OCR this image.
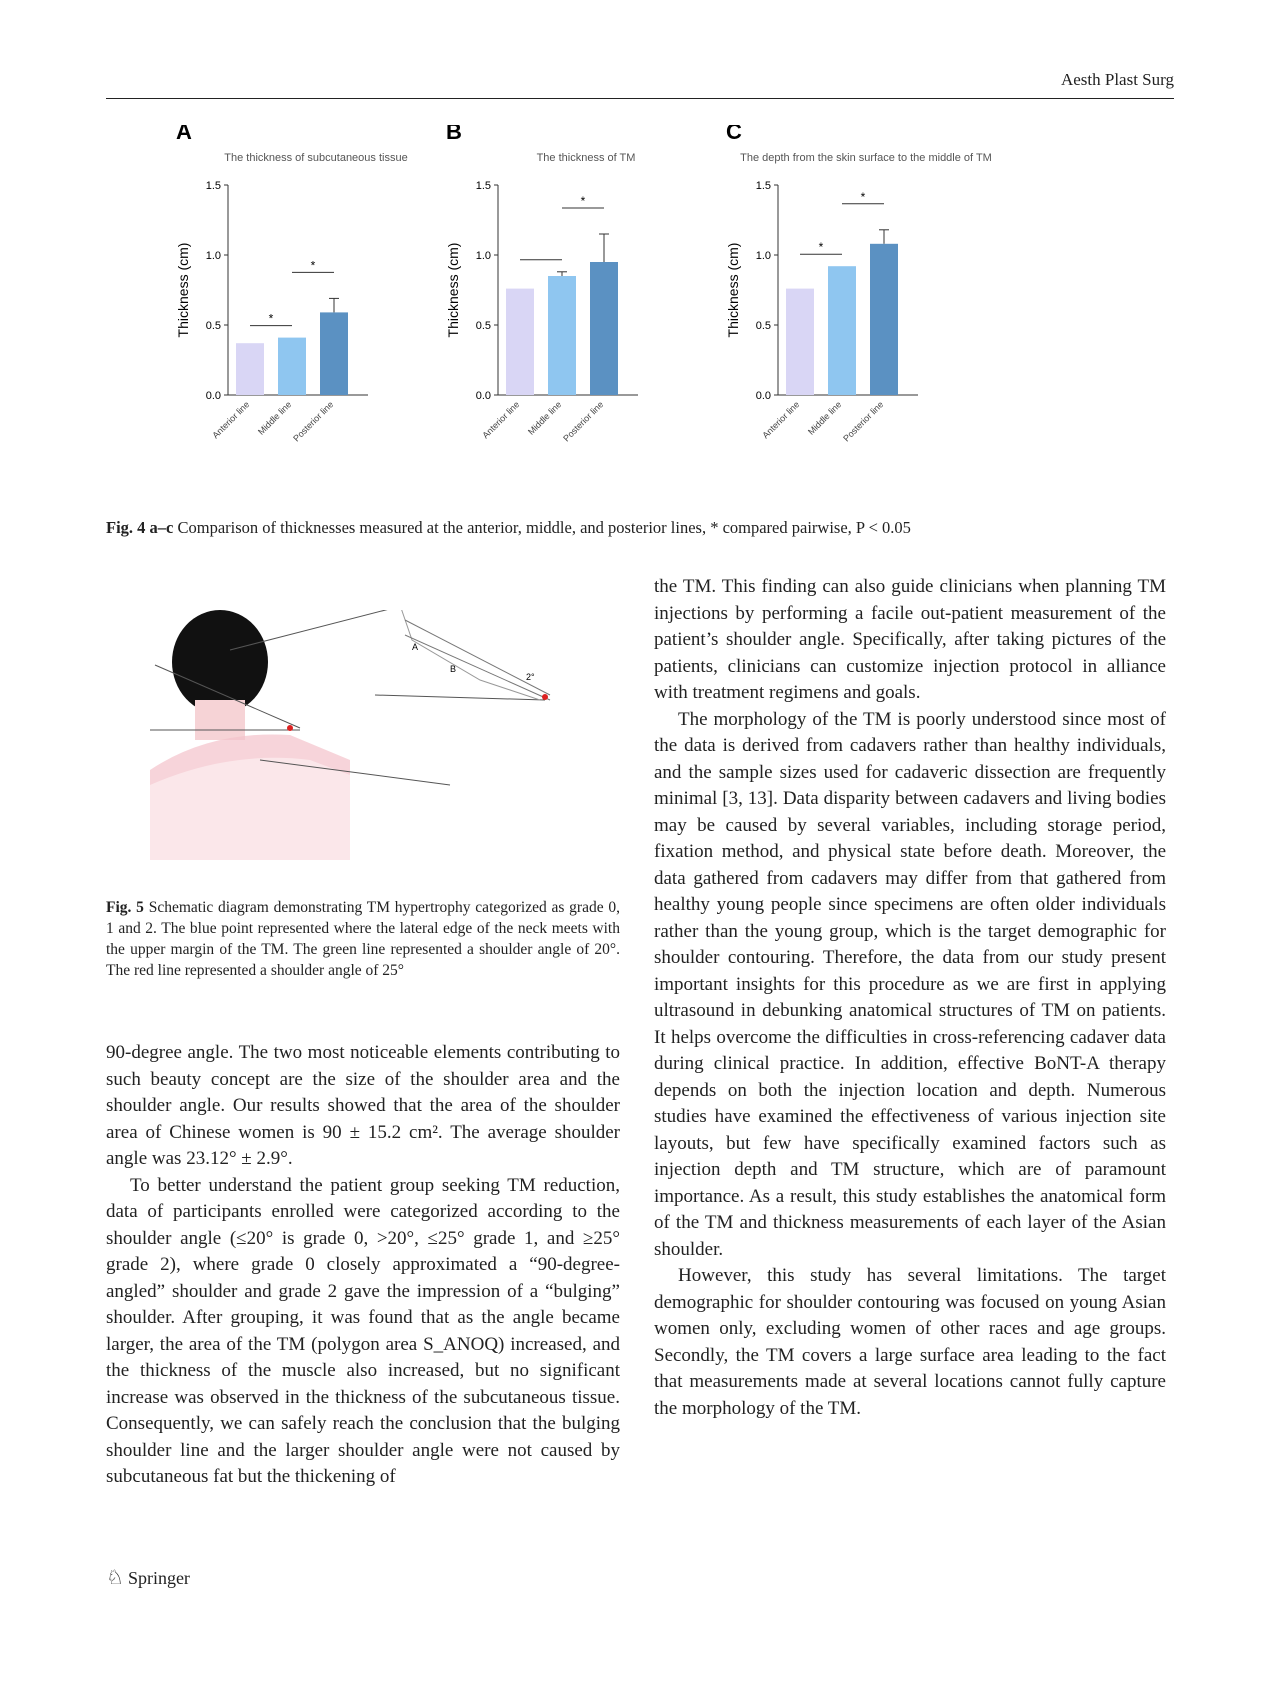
Aesth Plast Surg
A
The thickness of subcutaneous tissue
0.0
0.5
1.0
1.5
Thickness (cm)
Anterior line Middle line
Posterior line
*
*
B
The thickness of TM
0.0
0.5
1.0
1.5
Thickness (cm)
Anterior line Middle line
Posterior line
*
C
The depth from the skin surface to the middle of TM
0.0
0.5
1.0
1.5
Thickness (cm)
Anterior line Middle line
Posterior line
*
*
Fig. 4 a–c Comparison of thicknesses measured at the anterior, middle, and posterior lines, * compared pairwise, P < 0.05
2°
A
B
Fig. 5 Schematic diagram demonstrating TM hypertrophy categorized as grade 0, 1 and 2. The blue point represented where the lateral edge of the neck meets with the upper margin of the TM. The green line represented a shoulder angle of 20°. The red line represented a shoulder angle of 25°

90-degree angle. The two most noticeable elements contributing to such beauty concept are the size of the shoulder area and the shoulder angle. Our results showed that the area of the shoulder area of Chinese women is 90 ± 15.2 cm². The average shoulder angle was 23.12° ± 2.9°.

To better understand the patient group seeking TM reduction, data of participants enrolled were categorized according to the shoulder angle (≤20° is grade 0, >20°, ≤25° grade 1, and ≥25° grade 2), where grade 0 closely approximated a “90-degree-angled” shoulder and grade 2 gave the impression of a “bulging” shoulder. After grouping, it was found that as the angle became larger, the area of the TM (polygon area S_ANOQ) increased, and the thickness of the muscle also increased, but no significant increase was observed in the thickness of the subcutaneous tissue. Consequently, we can safely reach the conclusion that the bulging shoulder line and the larger shoulder angle were not caused by subcutaneous fat but the thickening of

the TM. This finding can also guide clinicians when planning TM injections by performing a facile out-patient measurement of the patient’s shoulder angle. Specifically, after taking pictures of the patients, clinicians can customize injection protocol in alliance with treatment regimens and goals.

The morphology of the TM is poorly understood since most of the data is derived from cadavers rather than healthy individuals, and the sample sizes used for cadaveric dissection are frequently minimal [3, 13]. Data disparity between cadavers and living bodies may be caused by several variables, including storage period, fixation method, and physical state before death. Moreover, the data gathered from cadavers may differ from that gathered from healthy young people since specimens are often older individuals rather than the young group, which is the target demographic for shoulder contouring. Therefore, the data from our study present important insights for this procedure as we are first in applying ultrasound in debunking anatomical structures of TM on patients. It helps overcome the difficulties in cross-referencing cadaver data during clinical practice. In addition, effective BoNT-A therapy depends on both the injection location and depth. Numerous studies have examined the effectiveness of various injection site layouts, but few have specifically examined factors such as injection depth and TM structure, which are of paramount importance. As a result, this study establishes the anatomical form of the TM and thickness measurements of each layer of the Asian shoulder.

However, this study has several limitations. The target demographic for shoulder contouring was focused on young Asian women only, excluding women of other races and age groups. Secondly, the TM covers a large surface area leading to the fact that measurements made at several locations cannot fully capture the morphology of the TM.

♘ Springer
